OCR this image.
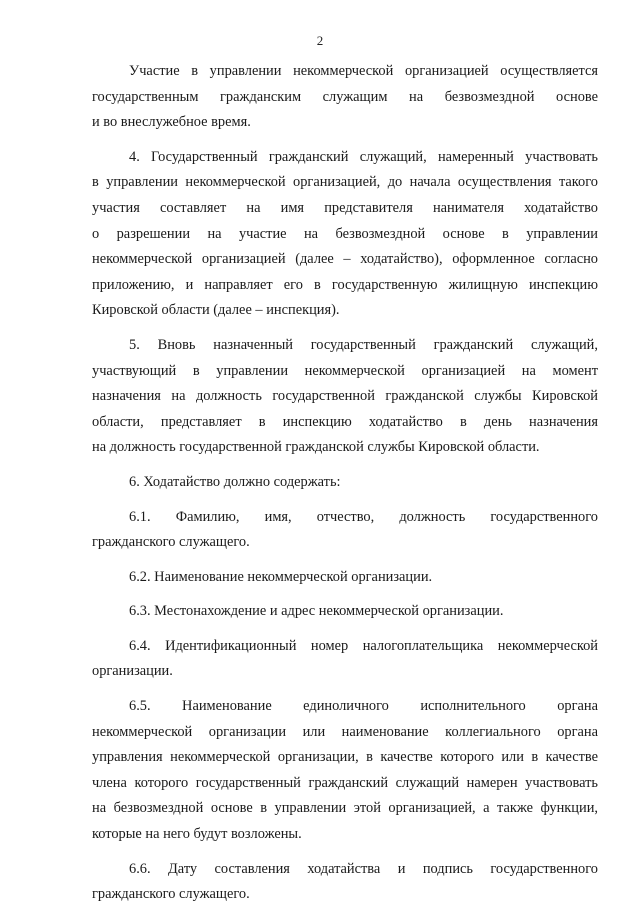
2
Участие в управлении некоммерческой организацией осуществляется
государственным гражданским служащим на безвозмездной основе
и во внеслужебное время.
4. Государственный гражданский служащий, намеренный участвовать
в управлении некоммерческой организацией, до начала осуществления такого
участия составляет на имя представителя нанимателя ходатайство
о разрешении на участие на безвозмездной основе в управлении
некоммерческой организацией (далее – ходатайство), оформленное согласно
приложению, и направляет его в государственную жилищную инспекцию
Кировской области (далее – инспекция).
5. Вновь назначенный государственный гражданский служащий,
участвующий в управлении некоммерческой организацией на момент
назначения на должность государственной гражданской службы Кировской
области, представляет в инспекцию ходатайство в день назначения
на должность государственной гражданской службы Кировской области.
6. Ходатайство должно содержать:
6.1. Фамилию, имя, отчество, должность государственного
гражданского служащего.
6.2. Наименование некоммерческой организации.
6.3. Местонахождение и адрес некоммерческой организации.
6.4. Идентификационный номер налогоплательщика некоммерческой
организации.
6.5. Наименование единоличного исполнительного органа
некоммерческой организации или наименование коллегиального органа
управления некоммерческой организации, в качестве которого или в качестве
члена которого государственный гражданский служащий намерен участвовать
на безвозмездной основе в управлении этой организацией, а также функции,
которые на него будут возложены.
6.6. Дату составления ходатайства и подпись государственного
гражданского служащего.
